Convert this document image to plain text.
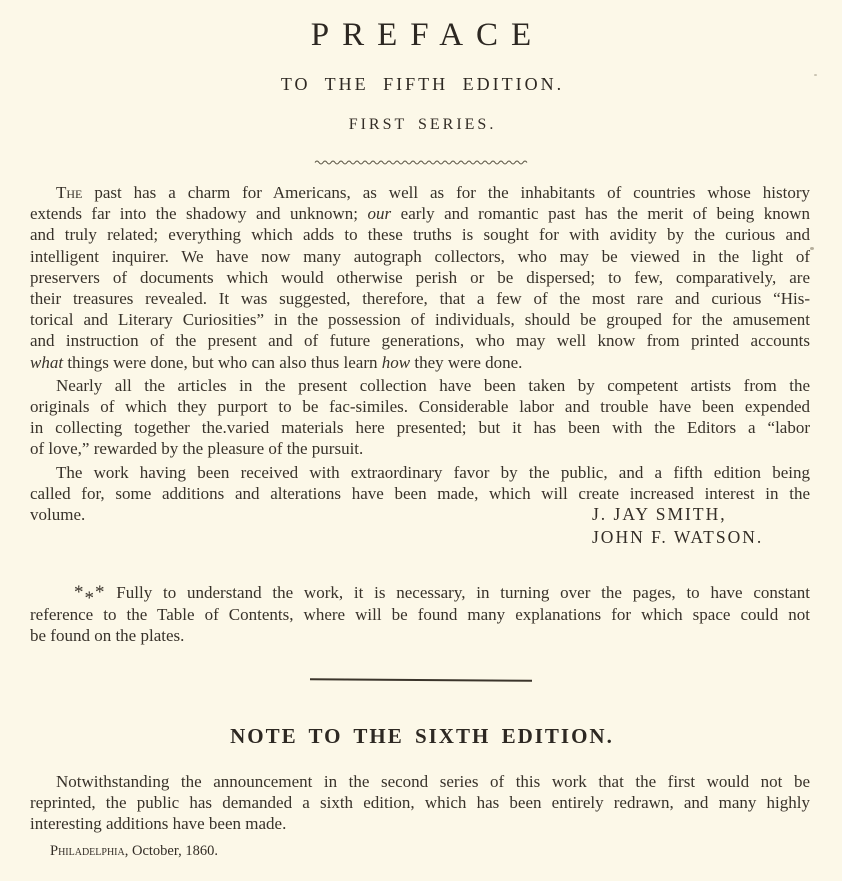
PREFACE
TO THE FIFTH EDITION.
FIRST SERIES.
The past has a charm for Americans, as well as for the inhabitants of countries whose history
extends far into the shadowy and unknown; our early and romantic past has the merit of being known
and truly related; everything which adds to these truths is sought for with avidity by the curious and
intelligent inquirer. We have now many autograph collectors, who may be viewed in the light of
preservers of documents which would otherwise perish or be dispersed; to few, comparatively, are
their treasures revealed. It was suggested, therefore, that a few of the most rare and curious “His-
torical and Literary Curiosities” in the possession of individuals, should be grouped for the amusement
and instruction of the present and of future generations, who may well know from printed accounts
what things were done, but who can also thus learn how they were done.
Nearly all the articles in the present collection have been taken by competent artists from the
originals of which they purport to be fac-similes. Considerable labor and trouble have been expended
in collecting together the.varied materials here presented; but it has been with the Editors a “labor
of love,” rewarded by the pleasure of the pursuit.
The work having been received with extraordinary favor by the public, and a fifth edition being
called for, some additions and alterations have been made, which will create increased interest in the
volume.	J. JAY SMITH,
JOHN F. WATSON.
*** Fully to understand the work, it is necessary, in turning over the pages, to have constant
reference to the Table of Contents, where will be found many explanations for which space could not
be found on the plates.
NOTE TO THE SIXTH EDITION.
Notwithstanding the announcement in the second series of this work that the first would not be
reprinted, the public has demanded a sixth edition, which has been entirely redrawn, and many highly
interesting additions have been made.
Philadelphia, October, 1860.
